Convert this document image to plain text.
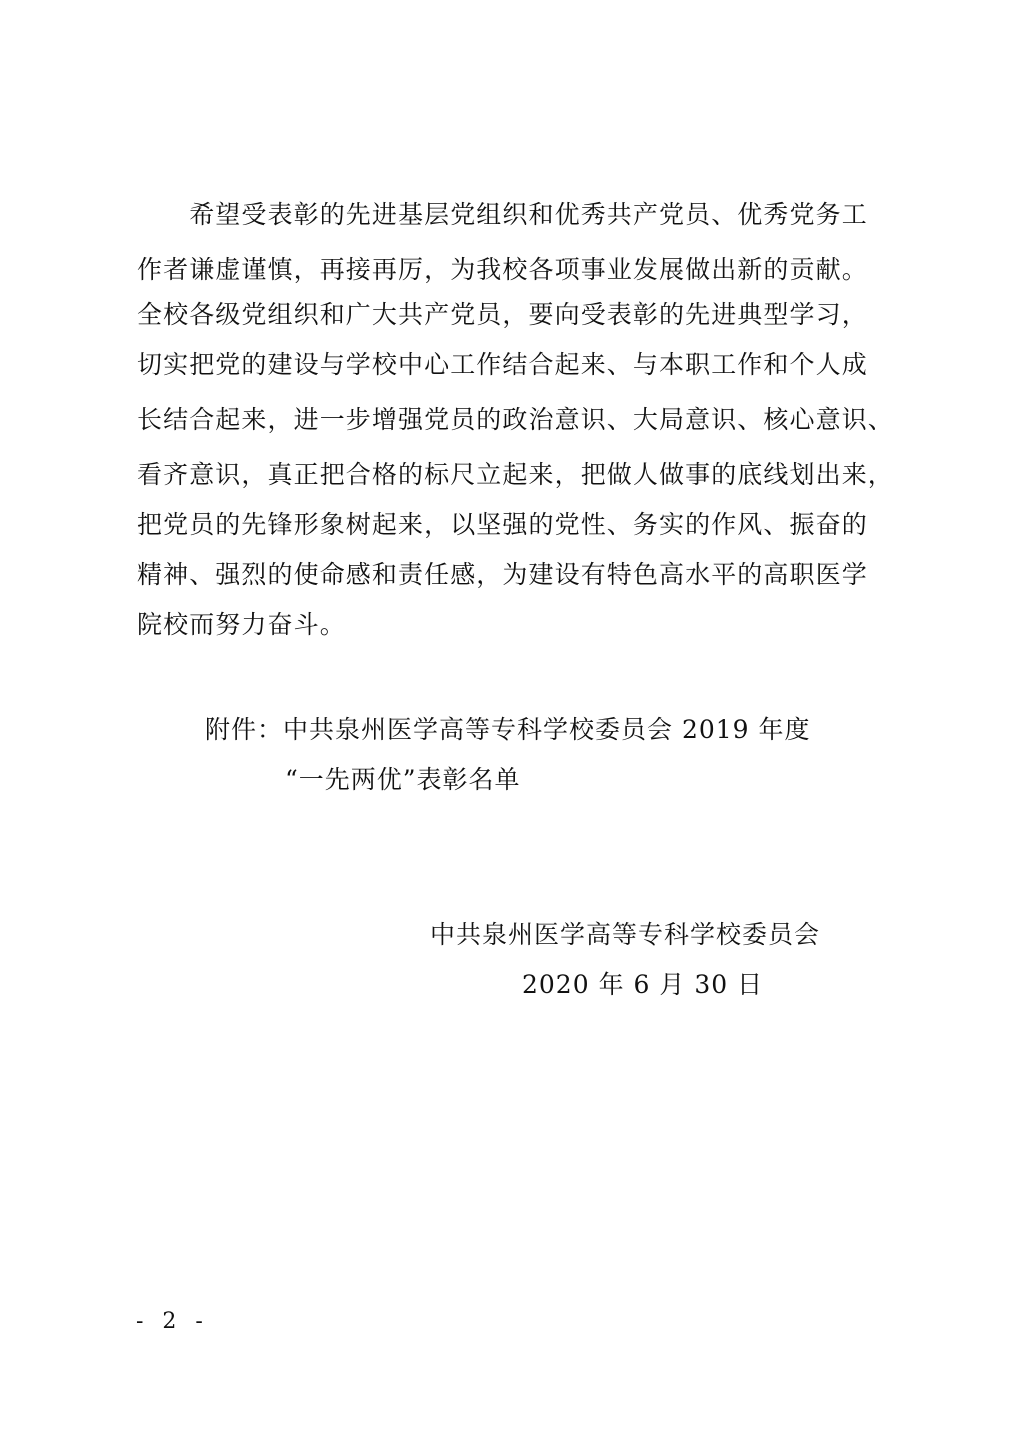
　　希望受表彰的先进基层党组织和优秀共产党员、优秀党务工
作者谦虚谨慎，再接再厉，为我校各项事业发展做出新的贡献。
全校各级党组织和广大共产党员，要向受表彰的先进典型学习，
切实把党的建设与学校中心工作结合起来、与本职工作和个人成
长结合起来，进一步增强党员的政治意识、大局意识、核心意识、
看齐意识，真正把合格的标尺立起来，把做人做事的底线划出来，
把党员的先锋形象树起来，以坚强的党性、务实的作风、振奋的
精神、强烈的使命感和责任感，为建设有特色高水平的高职医学
院校而努力奋斗。
附件：中共泉州医学高等专科学校委员会 2019 年度
“一先两优”表彰名单
中共泉州医学高等专科学校委员会
2020 年 6 月 30 日
- 2 -
